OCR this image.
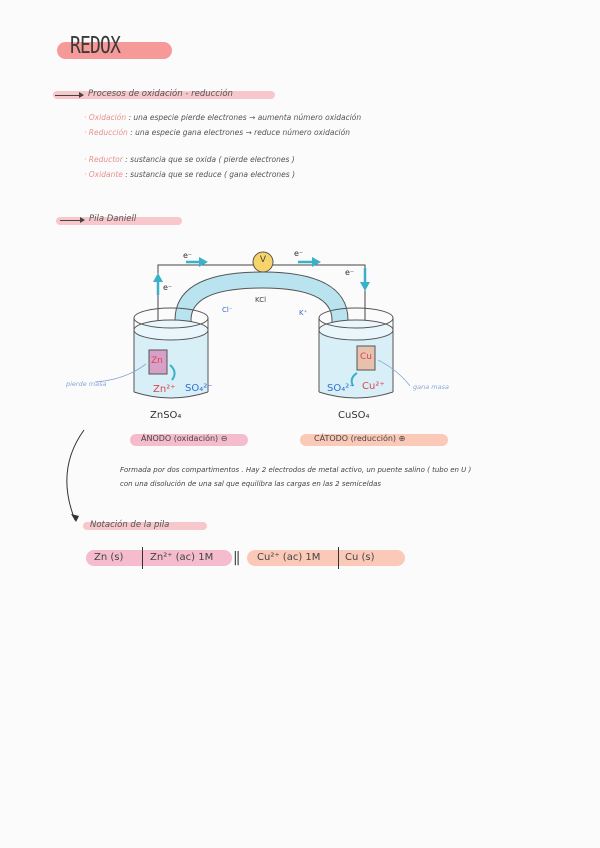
REDOX
Procesos de oxidación - reducción
· Oxidación : una especie pierde electrones → aumenta número oxidación
· Reducción : una especie gana electrones → reduce número oxidación
· Reductor : sustancia que se oxida ( pierde electrones )
· Oxidante : sustancia que se reduce ( gana electrones )
Pila Daniell
V
e⁻
e⁻
e⁻
e⁻
KCl
Cl⁻	K⁺
Zn
Zn²⁺ SO₄²⁻
pierde masa
ZnSO₄
Cu
SO₄²⁻ Cu²⁺	gana masa
CuSO₄
ÁNODO (oxidación) ⊖	CÁTODO (reducción) ⊕
Formada por dos compartimentos . Hay 2 electrodos de metal activo, un puente salino ( tubo en U )
con una disolución de una sal que equilibra las cargas en las 2 semiceldas
Notación de la pila
Zn (s)	Zn²⁺ (ac) 1M || Cu²⁺ (ac) 1M Cu (s)
